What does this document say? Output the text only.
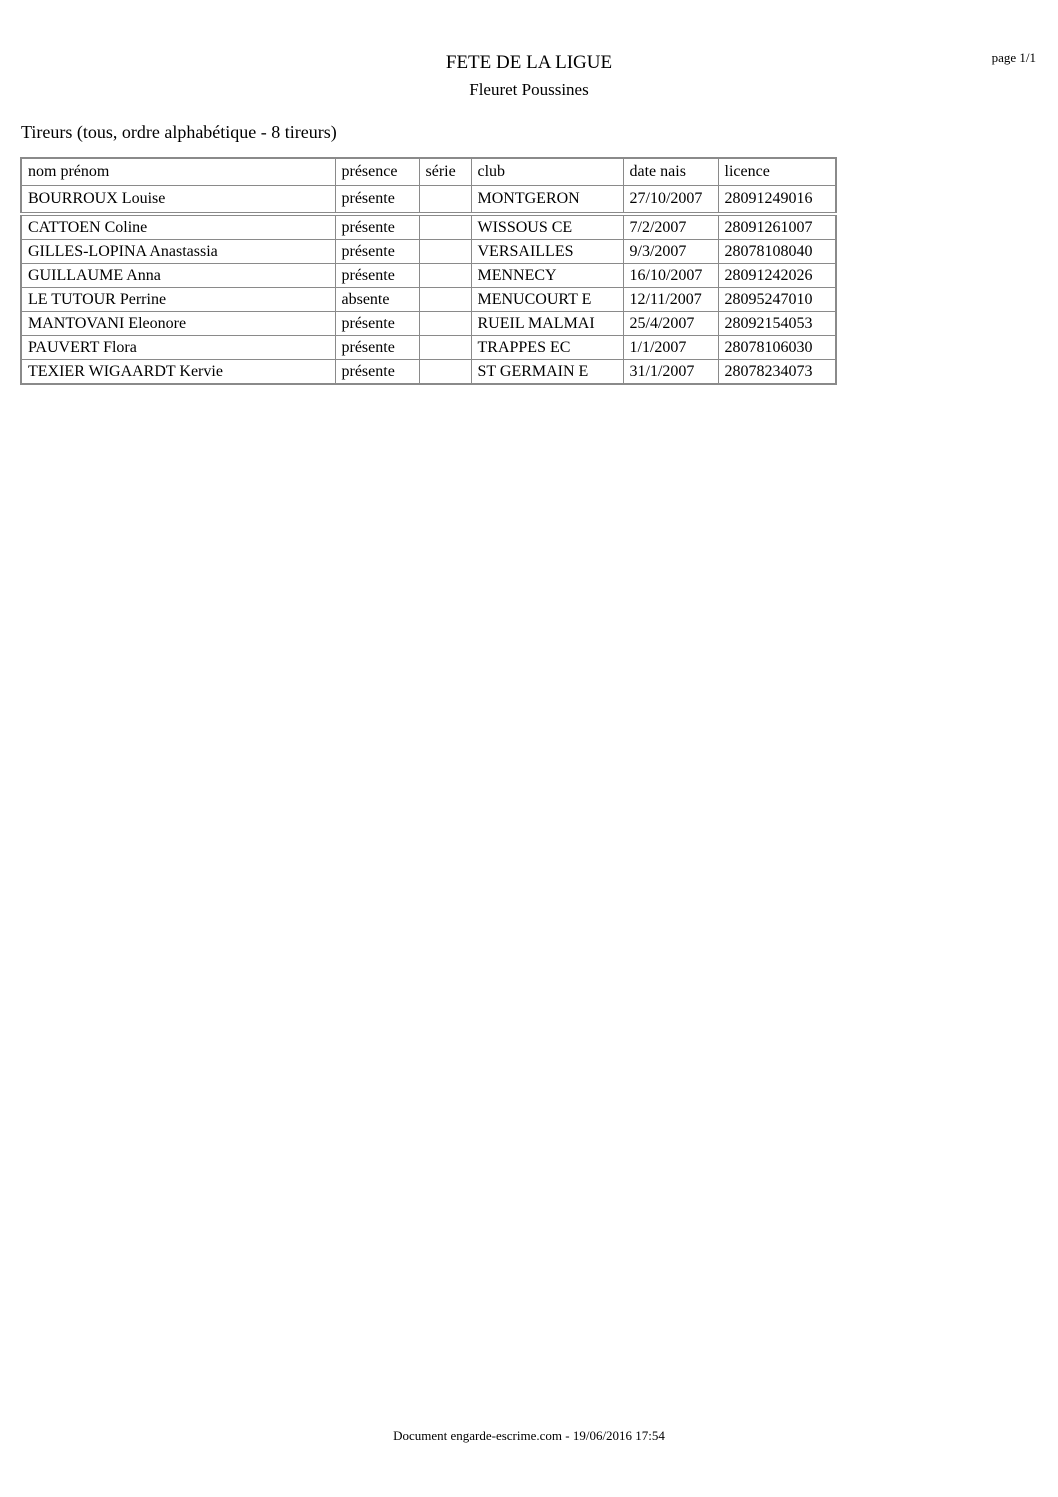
FETE DE LA LIGUE
Fleuret Poussines
page 1/1
Tireurs (tous, ordre alphabétique - 8 tireurs)
nom prénom	présence	série	club	date nais	licence
BOURROUX Louise	présente		MONTGERON	27/10/2007	28091249016
CATTOEN Coline	présente		WISSOUS CE	7/2/2007	28091261007
GILLES-LOPINA Anastassia	présente		VERSAILLES	9/3/2007	28078108040
GUILLAUME Anna	présente		MENNECY	16/10/2007	28091242026
LE TUTOUR Perrine	absente		MENUCOURT E	12/11/2007	28095247010
MANTOVANI Eleonore	présente		RUEIL MALMAI	25/4/2007	28092154053
PAUVERT Flora	présente		TRAPPES EC	1/1/2007	28078106030
TEXIER WIGAARDT Kervie	présente		ST GERMAIN E	31/1/2007	28078234073
Document engarde-escrime.com - 19/06/2016 17:54
